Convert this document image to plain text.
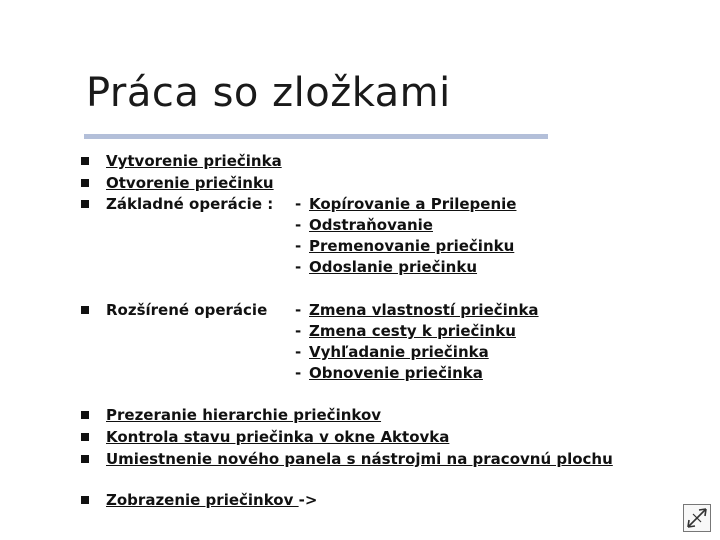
Práca so zložkami
Vytvorenie priečinka
Otvorenie priečinku
Základné operácie : - Kopírovanie a Prilepenie
- Odstraňovanie
- Premenovanie priečinku
- Odoslanie priečinku
Rozšírené operácie - Zmena vlastností priečinka
- Zmena cesty k priečinku
- Vyhľadanie priečinka
- Obnovenie priečinka
Prezeranie hierarchie priečinkov
Kontrola stavu priečinka v okne Aktovka
Umiestnenie nového panela s nástrojmi na pracovnú plochu
Zobrazenie priečinkov ->
